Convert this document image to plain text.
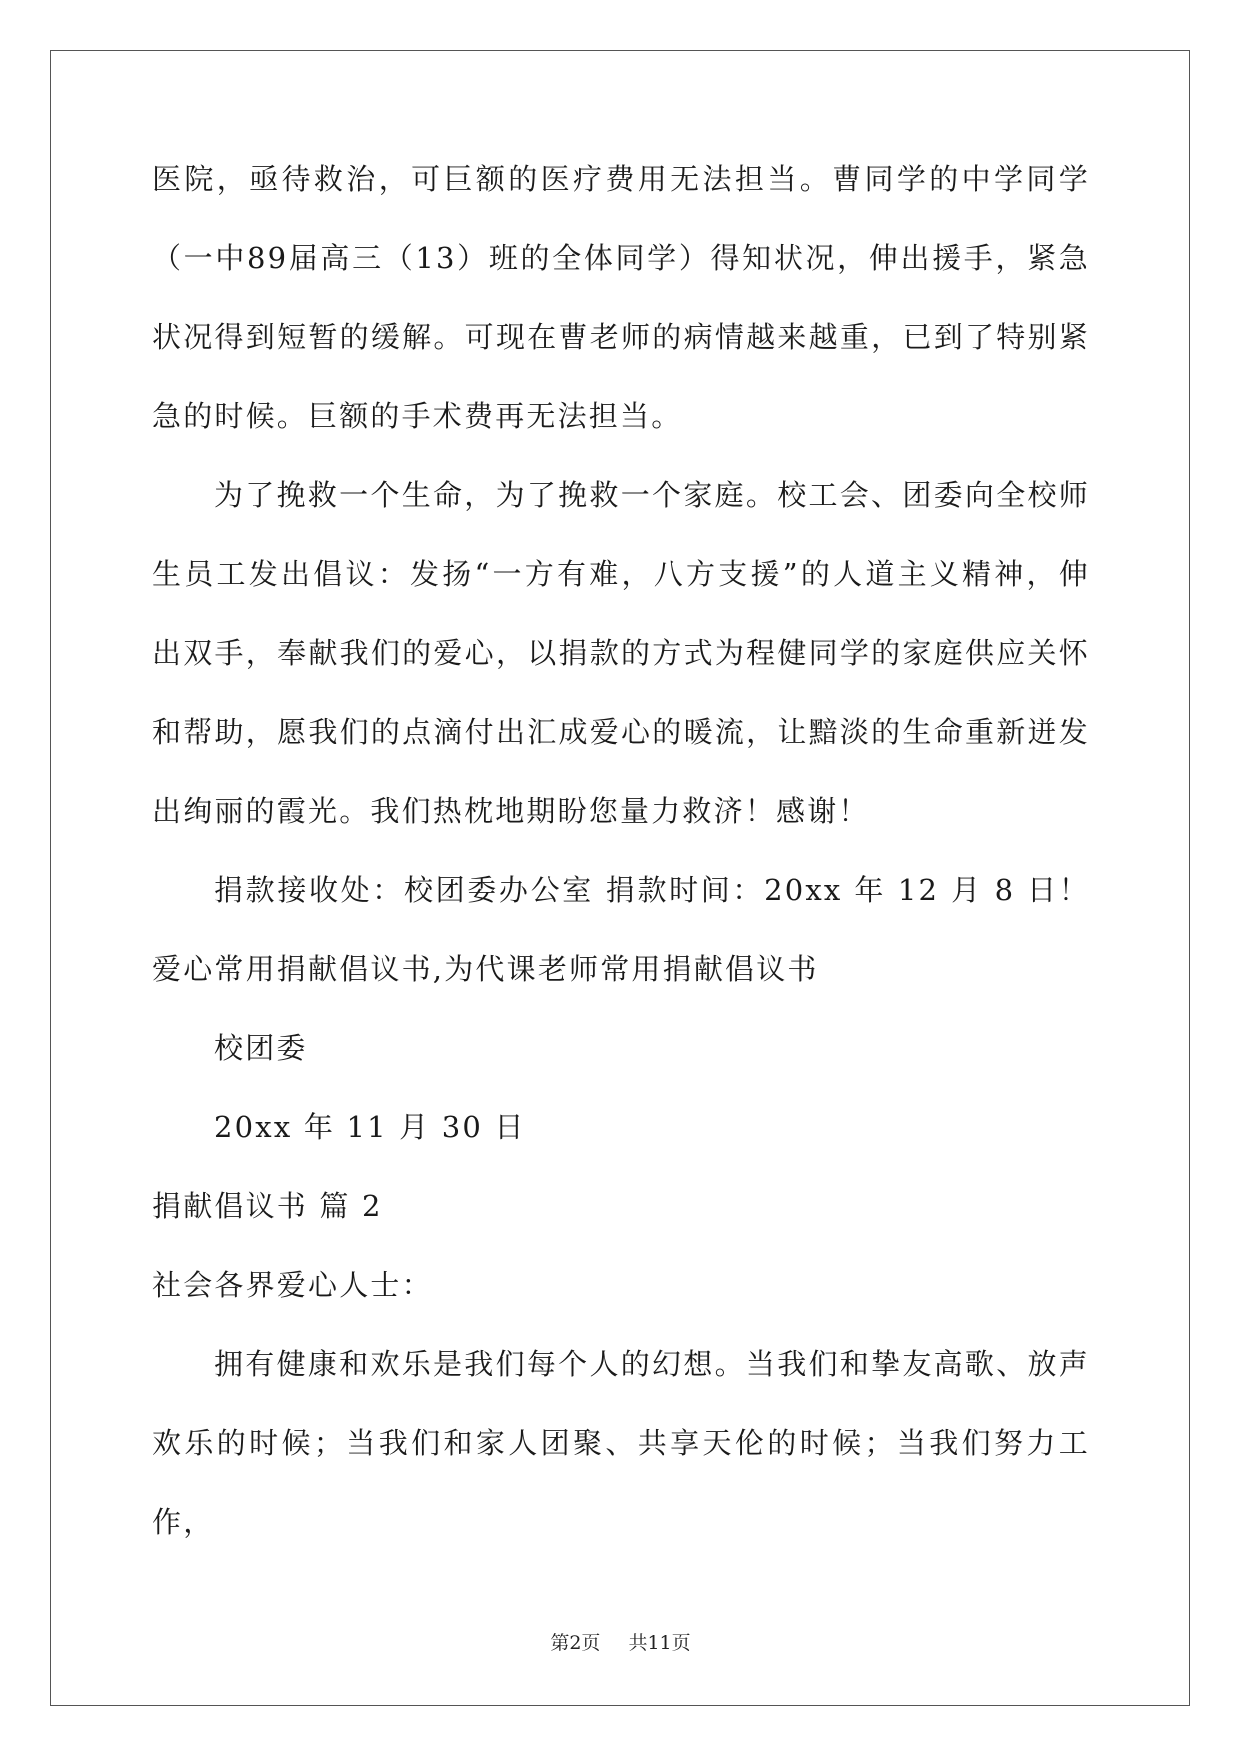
医院，亟待救治，可巨额的医疗费用无法担当。曹同学的中学同学（一中89届高三（13）班的全体同学）得知状况，伸出援手，紧急状况得到短暂的缓解。可现在曹老师的病情越来越重，已到了特别紧急的时候。巨额的手术费再无法担当。

为了挽救一个生命，为了挽救一个家庭。校工会、团委向全校师生员工发出倡议：发扬“一方有难，八方支援”的人道主义精神，伸出双手，奉献我们的爱心，以捐款的方式为程健同学的家庭供应关怀和帮助，愿我们的点滴付出汇成爱心的暖流，让黯淡的生命重新迸发出绚丽的霞光。我们热枕地期盼您量力救济！感谢！

捐款接收处：校团委办公室 捐款时间：20xx 年 12 月 8 日！爱心常用捐献倡议书,为代课老师常用捐献倡议书

校团委

20xx 年 11 月 30 日

捐献倡议书 篇 2

社会各界爱心人士：

拥有健康和欢乐是我们每个人的幻想。当我们和挚友高歌、放声欢乐的时候；当我们和家人团聚、共享天伦的时候；当我们努力工作，

第2页 共11页
